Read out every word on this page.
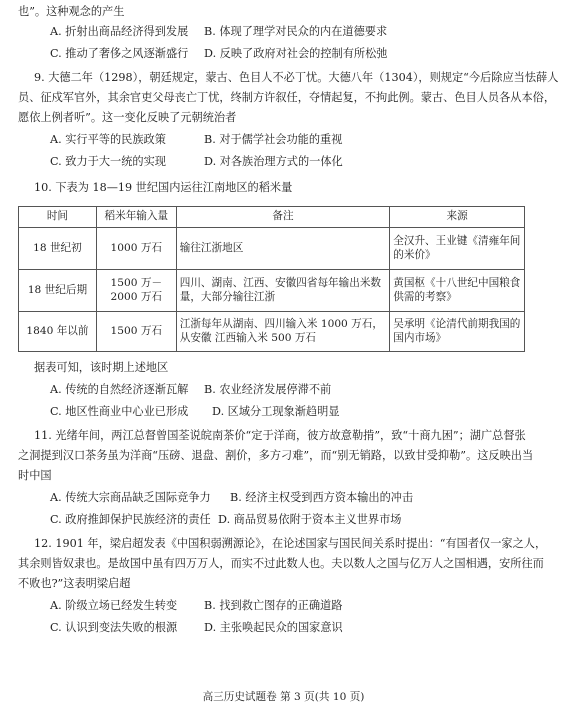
也”。这种观念的产生
A. 折射出商品经济得到发展 B. 体现了理学对民众的内在道德要求
C. 推动了奢侈之风逐渐盛行 D. 反映了政府对社会的控制有所松弛
9. 大德二年（1298），朝廷规定，蒙古、色目人不必丁忧。大德八年（1304），则规定“今后除应当怯薛人
员、征戍军官外，其余官吏父母丧亡丁忧，终制方许叙任，夺情起复，不拘此例。蒙古、色目人员各从本俗，
愿依上例者听”。这一变化反映了元朝统治者
A. 实行平等的民族政策	B. 对于儒学社会功能的重视
C. 致力于大一统的实现	D. 对各族治理方式的一体化
10. 下表为 18—19 世纪国内运往江南地区的稻米量
时间	稻米年输入量	备注	来源
18 世纪初	1000 万石	输往江浙地区	全汉升、王业键《清雍年间的米价》
18 世纪后期	1500 万－2000 万石	四川、湖南、江西、安徽四省每年输出米数量，大部分输往江浙	黄国枢《十八世纪中国粮食供需的考察》
1840 年以前	1500 万石	江浙每年从湖南、四川输入米 1000 万石，从安徽 江西输入米 500 万石	吴承明《论清代前期我国的国内市场》
据表可知，该时期上述地区
A. 传统的自然经济逐渐瓦解 B. 农业经济发展停滞不前
C. 地区性商业中心业已形成 D. 区域分工现象渐趋明显
11. 光绪年间，两江总督曾国荃说皖南茶价“定于洋商，彼方故意勒掯”，致“十商九困”；湖广总督张
之洞提到汉口茶务虽为洋商“压磅、退盘、割价，多方刁难”，而“别无销路，以致甘受抑勒”。这反映出当
时中国
A. 传统大宗商品缺乏国际竞争力 B. 经济主权受到西方资本输出的冲击
C. 政府推卸保护民族经济的责任 D. 商品贸易依附于资本主义世界市场
12. 1901 年，梁启超发表《中国积弱溯源论》，在论述国家与国民间关系时提出：“有国者仅一家之人，
其余则皆奴隶也。是故国中虽有四万万人，而实不过此数人也。夫以数人之国与亿万人之国相遇，安所往而
不败也?”这表明梁启超
A. 阶级立场已经发生转变 B. 找到救亡图存的正确道路
C. 认识到变法失败的根源 D. 主张唤起民众的国家意识
高三历史试题卷 第 3 页(共 10 页)
